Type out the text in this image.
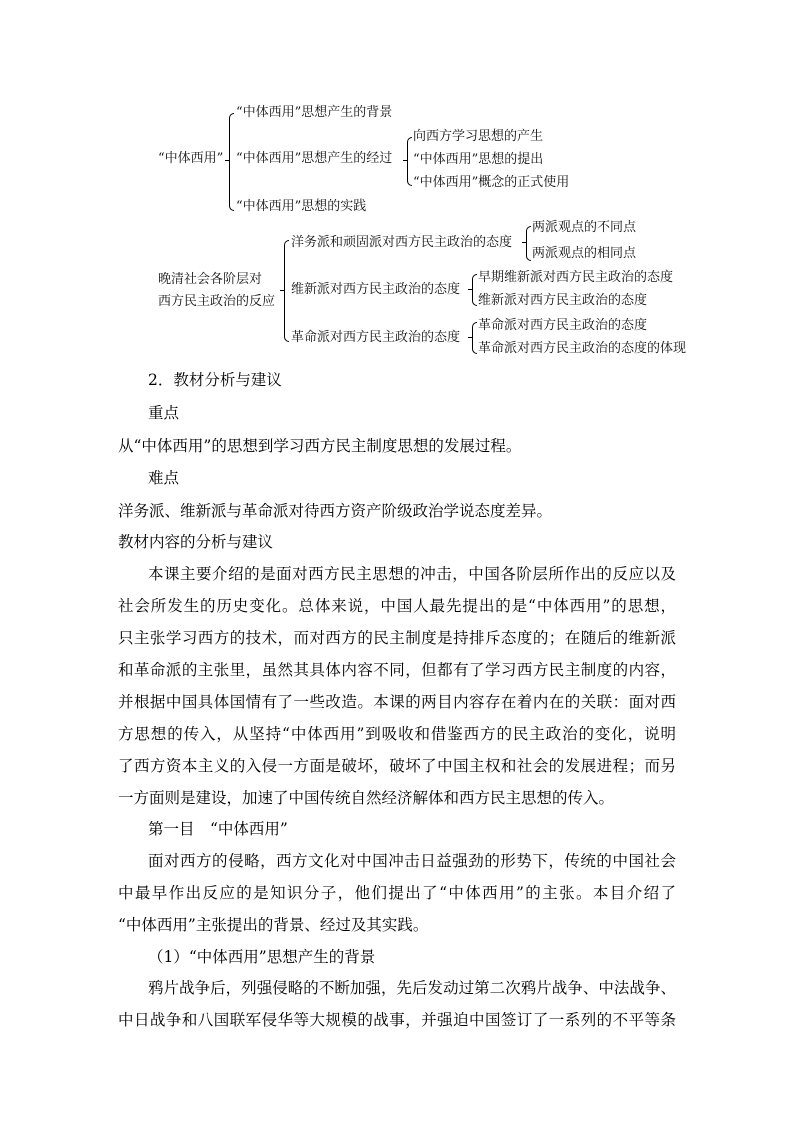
“中体西用”
“中体西用”思想产生的背景
“中体西用”思想产生的经过
“中体西用”思想的实践
向西方学习思想的产生
“中体西用”思想的提出
“中体西用”概念的正式使用
晚清社会各阶层对
西方民主政治的反应
洋务派和顽固派对西方民主政治的态度
维新派对西方民主政治的态度
革命派对西方民主政治的态度
两派观点的不同点
两派观点的相同点
早期维新派对西方民主政治的态度
维新派对西方民主政治的态度
革命派对西方民主政治的态度
革命派对西方民主政治的态度的体现
2．教材分析与建议
重点
从“中体西用”的思想到学习西方民主制度思想的发展过程。
难点
洋务派、维新派与革命派对待西方资产阶级政治学说态度差异。
教材内容的分析与建议
本课主要介绍的是面对西方民主思想的冲击，中国各阶层所作出的反应以及
社会所发生的历史变化。总体来说，中国人最先提出的是“中体西用”的思想，
只主张学习西方的技术，而对西方的民主制度是持排斥态度的；在随后的维新派
和革命派的主张里，虽然其具体内容不同，但都有了学习西方民主制度的内容，
并根据中国具体国情有了一些改造。本课的两目内容存在着内在的关联：面对西
方思想的传入，从坚持“中体西用”到吸收和借鉴西方的民主政治的变化，说明
了西方资本主义的入侵一方面是破坏，破坏了中国主权和社会的发展进程；而另
一方面则是建设，加速了中国传统自然经济解体和西方民主思想的传入。
第一目　“中体西用”
面对西方的侵略，西方文化对中国冲击日益强劲的形势下，传统的中国社会
中最早作出反应的是知识分子，他们提出了“中体西用”的主张。本目介绍了
“中体西用”主张提出的背景、经过及其实践。
（1）“中体西用”思想产生的背景
鸦片战争后，列强侵略的不断加强，先后发动过第二次鸦片战争、中法战争、
中日战争和八国联军侵华等大规模的战事，并强迫中国签订了一系列的不平等条
